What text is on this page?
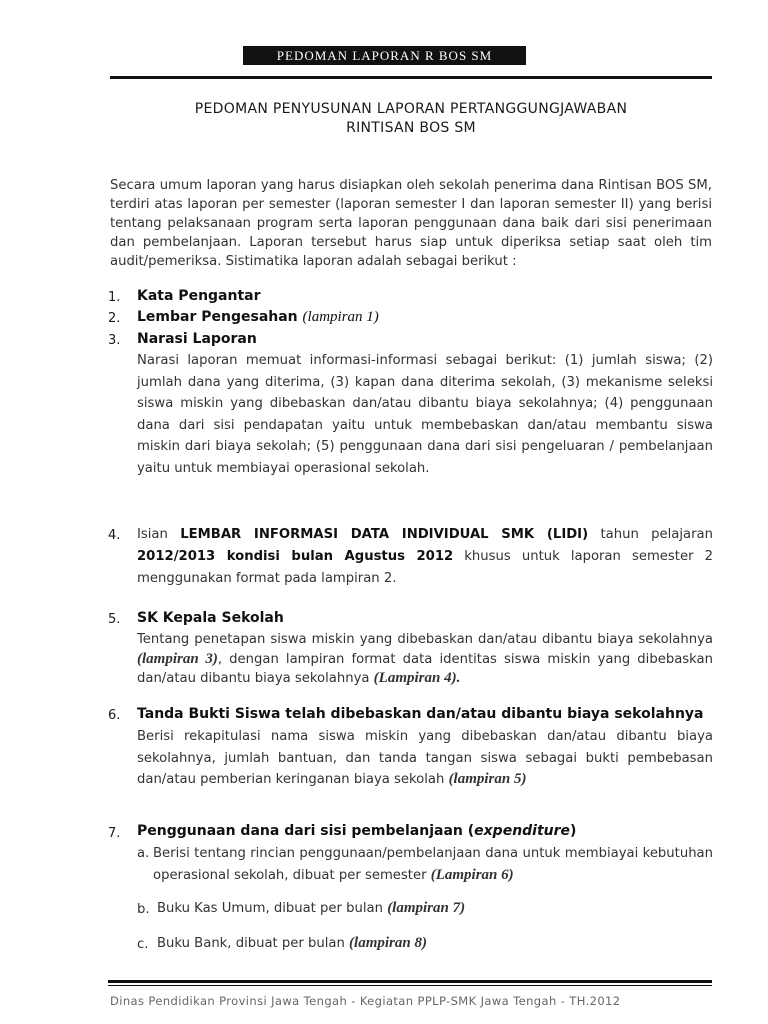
PEDOMAN LAPORAN R BOS SM
PEDOMAN PENYUSUNAN LAPORAN PERTANGGUNGJAWABAN
RINTISAN BOS SM
Secara umum laporan yang harus disiapkan oleh sekolah penerima dana Rintisan BOS SM, terdiri atas laporan per semester (laporan semester I dan laporan semester II) yang berisi tentang pelaksanaan program serta laporan penggunaan dana baik dari sisi penerimaan dan pembelanjaan. Laporan tersebut harus siap untuk diperiksa setiap saat oleh tim audit/pemeriksa. Sistimatika laporan adalah sebagai berikut :
1. Kata Pengantar
2. Lembar Pengesahan (lampiran 1)
3. Narasi Laporan
Narasi laporan memuat informasi-informasi sebagai berikut: (1) jumlah siswa; (2) jumlah dana yang diterima, (3) kapan dana diterima sekolah, (3) mekanisme seleksi siswa miskin yang dibebaskan dan/atau dibantu biaya sekolahnya; (4) penggunaan dana dari sisi pendapatan yaitu untuk membebaskan dan/atau membantu siswa miskin dari biaya sekolah; (5) penggunaan dana dari sisi pengeluaran / pembelanjaan yaitu untuk membiayai operasional sekolah.
4. Isian LEMBAR INFORMASI DATA INDIVIDUAL SMK (LIDI) tahun pelajaran 2012/2013 kondisi bulan Agustus 2012 khusus untuk laporan semester 2 menggunakan format pada lampiran 2.
5. SK Kepala Sekolah
Tentang penetapan siswa miskin yang dibebaskan dan/atau dibantu biaya sekolahnya (lampiran 3), dengan lampiran format data identitas siswa miskin yang dibebaskan dan/atau dibantu biaya sekolahnya (Lampiran 4).
6. Tanda Bukti Siswa telah dibebaskan dan/atau dibantu biaya sekolahnya
Berisi rekapitulasi nama siswa miskin yang dibebaskan dan/atau dibantu biaya sekolahnya, jumlah bantuan, dan tanda tangan siswa sebagai bukti pembebasan dan/atau pemberian keringanan biaya sekolah (lampiran 5)
7. Penggunaan dana dari sisi pembelanjaan (expenditure)
a. Berisi tentang rincian penggunaan/pembelanjaan dana untuk membiayai kebutuhan operasional sekolah, dibuat per semester (Lampiran 6)
b. Buku Kas Umum, dibuat per bulan (lampiran 7)
c. Buku Bank, dibuat per bulan (lampiran 8)
Dinas Pendidikan Provinsi Jawa Tengah - Kegiatan PPLP-SMK Jawa Tengah - TH.2012
